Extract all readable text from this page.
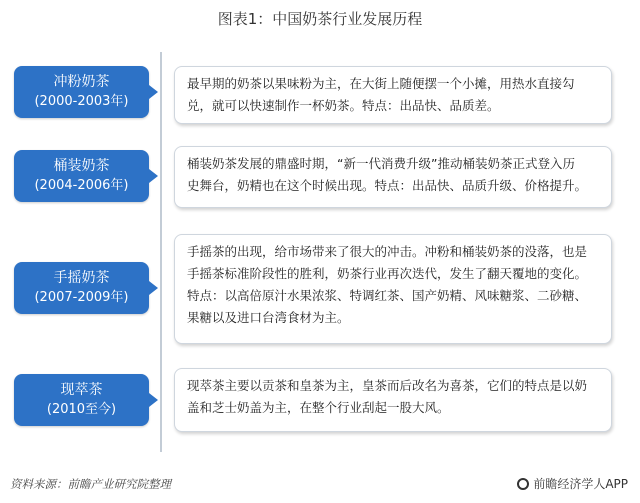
图表1：中国奶茶行业发展历程
冲粉奶茶
(2000-2003年)
最早期的奶茶以果味粉为主，在大街上随便摆一个小摊，用热水直接勾
兑，就可以快速制作一杯奶茶。特点：出品快、品质差。
桶装奶茶
(2004-2006年)
桶装奶茶发展的鼎盛时期，“新一代消费升级”推动桶装奶茶正式登入历
史舞台，奶精也在这个时候出现。特点：出品快、品质升级、价格提升。
手摇奶茶
(2007-2009年)
手摇茶的出现，给市场带来了很大的冲击。冲粉和桶装奶茶的没落，也是
手摇茶标准阶段性的胜利，奶茶行业再次迭代，发生了翻天覆地的变化。
特点：以高倍原汁水果浓浆、特调红茶、国产奶精、风味糖浆、二砂糖、
果糖以及进口台湾食材为主。
现萃茶
(2010至今)
现萃茶主要以贡茶和皇茶为主，皇茶而后改名为喜茶，它们的特点是以奶
盖和芝士奶盖为主，在整个行业刮起一股大风。
资料来源：前瞻产业研究院整理	前瞻经济学人APP
